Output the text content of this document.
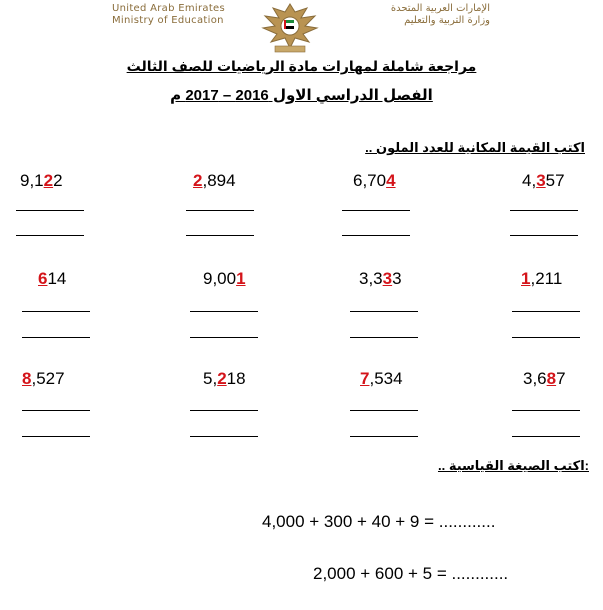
United Arab Emirates
Ministry of Education
الإمارات العربية المتحدة
وزارة التربية والتعليم
مراجعة شاملة لمهارات مادة الرياضيات للصف الثالث
الفصل الدراسي الاول 2016 – 2017 م
اكتب القيمة المكانية للعدد الملون ..
9,122	2,894	6,704	4,357
614	9,001	3,333	1,211
8,527	5,218	7,534	3,687
:اكتب الصيغة القياسية ..
4,000 + 300 + 40 + 9 = ............
2,000 + 600 + 5 = ............
